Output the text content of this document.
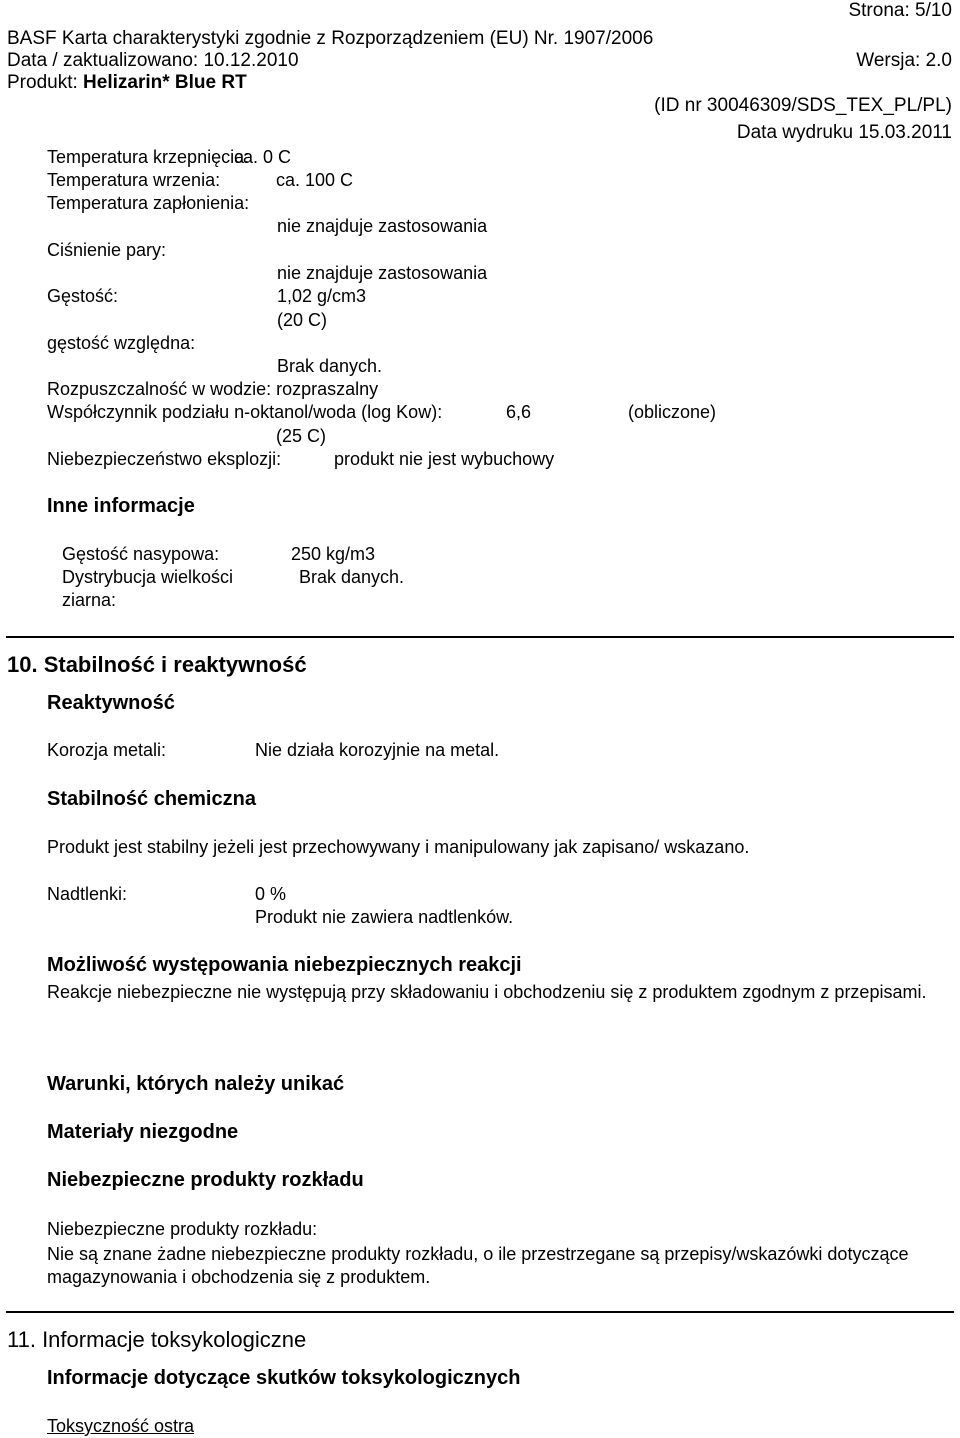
Strona: 5/10
BASF Karta charakterystyki zgodnie z Rozporządzeniem (EU) Nr. 1907/2006
Data / zaktualizowano: 10.12.2010	Wersja: 2.0
Produkt: Helizarin* Blue RT
(ID nr 30046309/SDS_TEX_PL/PL)
Data wydruku 15.03.2011
Temperatura krzepnięcia:
ca. 0 C
Temperatura wrzenia:	ca. 100 C
Temperatura zapłonienia:
nie znajduje zastosowania
Ciśnienie pary:
nie znajduje zastosowania
Gęstość:	1,02 g/cm3
(20 C)
gęstość względna:
Brak danych.
Rozpuszczalność w wodzie: rozpraszalny
Współczynnik podziału n-oktanol/woda (log Kow):	6,6	(obliczone)
(25 C)
Niebezpieczeństwo eksplozji:	produkt nie jest wybuchowy
Inne informacje
Gęstość nasypowa:	250 kg/m3
Dystrybucja wielkości
ziarna:
Brak danych.
10. Stabilność i reaktywność
Reaktywność
Korozja metali:	Nie działa korozyjnie na metal.
Stabilność chemiczna
Produkt jest stabilny jeżeli jest przechowywany i manipulowany jak zapisano/ wskazano.
Nadtlenki:	0 %
Produkt nie zawiera nadtlenków.
Możliwość występowania niebezpiecznych reakcji
Reakcje niebezpieczne nie występują przy składowaniu i obchodzeniu się z produktem zgodnym z przepisami.
Warunki, których należy unikać
Materiały niezgodne
Niebezpieczne produkty rozkładu
Niebezpieczne produkty rozkładu:
Nie są znane żadne niebezpieczne produkty rozkładu, o ile przestrzegane są przepisy/wskazówki dotyczące magazynowania i obchodzenia się z produktem.
11. Informacje toksykologiczne
Informacje dotyczące skutków toksykologicznych
Toksyczność ostra
